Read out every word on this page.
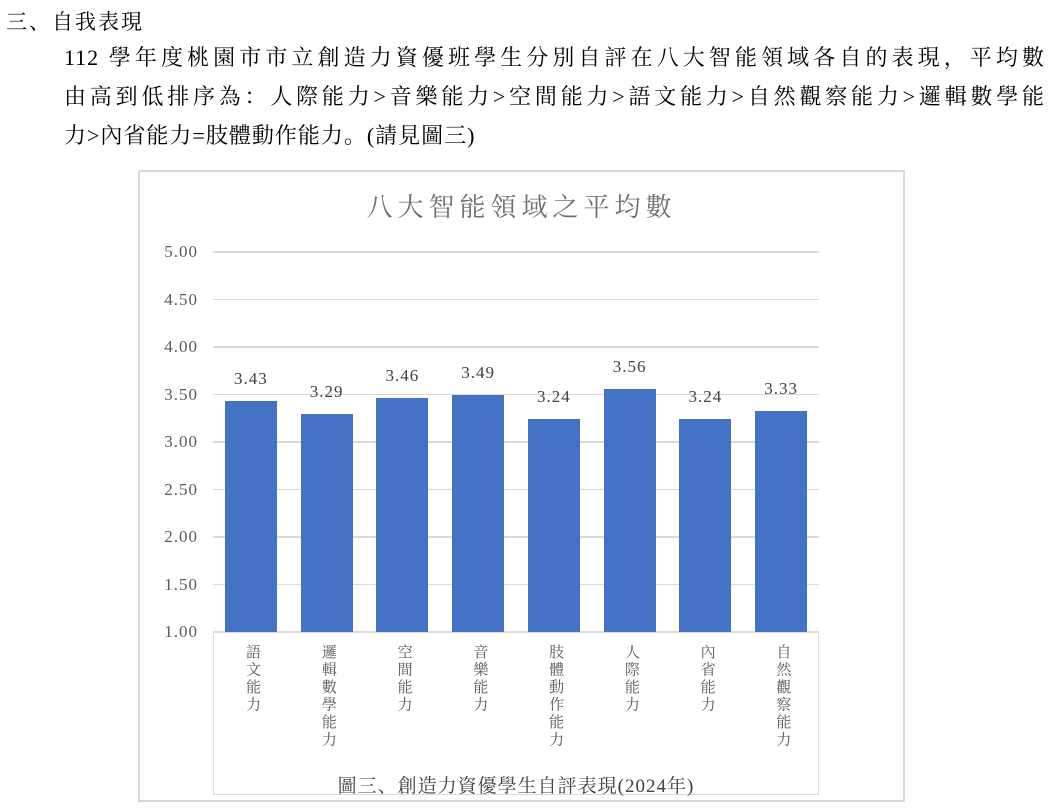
三、自我表現
112 學年度桃園市市立創造力資優班學生分別自評在八大智能領域各自的表現，平均數
由高到低排序為：人際能力>音樂能力>空間能力>語文能力>自然觀察能力>邏輯數學能
力>內省能力=肢體動作能力。(請見圖三)
八大智能領域之平均數
3.43
3.29
3.46	3.49
3.24
3.56
3.24	3.33
圖三、創造力資優學生自評表現(2024年)
語文能力	邏輯數學能力	空間能力	音樂能力	肢體動作能力	人際能力	內省能力	自然觀察能力
5.00
4.50
4.00
3.50
3.00
2.50
2.00
1.50
1.00
